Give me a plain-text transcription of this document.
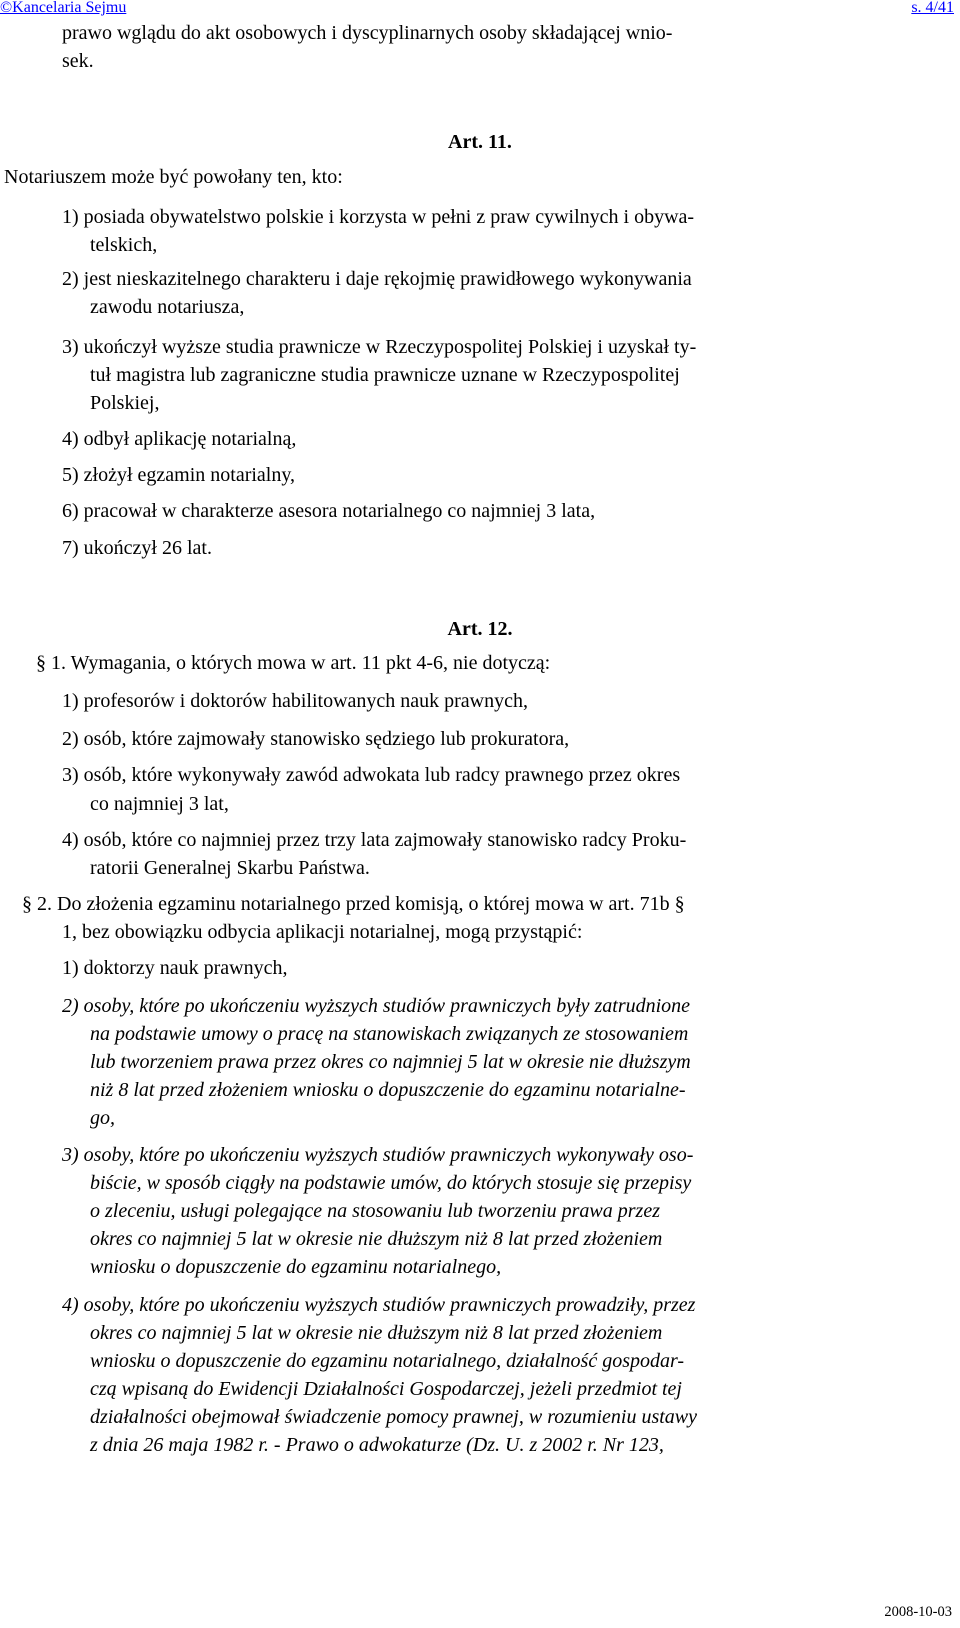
©Kancelaria Sejmu	s. 4/41
prawo wglądu do akt osobowych i dyscyplinarnych osoby składającej wnio-
sek.
Art. 11.
Notariuszem może być powołany ten, kto:
1) posiada obywatelstwo polskie i korzysta w pełni z praw cywilnych i obywa-
telskich,
2) jest nieskazitelnego charakteru i daje rękojmię prawidłowego wykonywania
zawodu notariusza,
3) ukończył wyższe studia prawnicze w Rzeczypospolitej Polskiej i uzyskał ty-
tuł magistra lub zagraniczne studia prawnicze uznane w Rzeczypospolitej
Polskiej,
4) odbył aplikację notarialną,
5) złożył egzamin notarialny,
6) pracował w charakterze asesora notarialnego co najmniej 3 lata,
7) ukończył 26 lat.
Art. 12.
§ 1. Wymagania, o których mowa w art. 11 pkt 4-6, nie dotyczą:
1) profesorów i doktorów habilitowanych nauk prawnych,
2) osób, które zajmowały stanowisko sędziego lub prokuratora,
3) osób, które wykonywały zawód adwokata lub radcy prawnego przez okres
co najmniej 3 lat,
4) osób, które co najmniej przez trzy lata zajmowały stanowisko radcy Proku-
ratorii Generalnej Skarbu Państwa.
§ 2. Do złożenia egzaminu notarialnego przed komisją, o której mowa w art. 71b §
1, bez obowiązku odbycia aplikacji notarialnej, mogą przystąpić:
1) doktorzy nauk prawnych,
2) osoby, które po ukończeniu wyższych studiów prawniczych były zatrudnione
na podstawie umowy o pracę na stanowiskach związanych ze stosowaniem
lub tworzeniem prawa przez okres co najmniej 5 lat w okresie nie dłuższym
niż 8 lat przed złożeniem wniosku o dopuszczenie do egzaminu notarialne-
go,
3) osoby, które po ukończeniu wyższych studiów prawniczych wykonywały oso-
biście, w sposób ciągły na podstawie umów, do których stosuje się przepisy
o zleceniu, usługi polegające na stosowaniu lub tworzeniu prawa przez
okres co najmniej 5 lat w okresie nie dłuższym niż 8 lat przed złożeniem
wniosku o dopuszczenie do egzaminu notarialnego,
4) osoby, które po ukończeniu wyższych studiów prawniczych prowadziły, przez
okres co najmniej 5 lat w okresie nie dłuższym niż 8 lat przed złożeniem
wniosku o dopuszczenie do egzaminu notarialnego, działalność gospodar-
czą wpisaną do Ewidencji Działalności Gospodarczej, jeżeli przedmiot tej
działalności obejmował świadczenie pomocy prawnej, w rozumieniu ustawy
z dnia 26 maja 1982 r. - Prawo o adwokaturze (Dz. U. z 2002 r. Nr 123,
2008-10-03
